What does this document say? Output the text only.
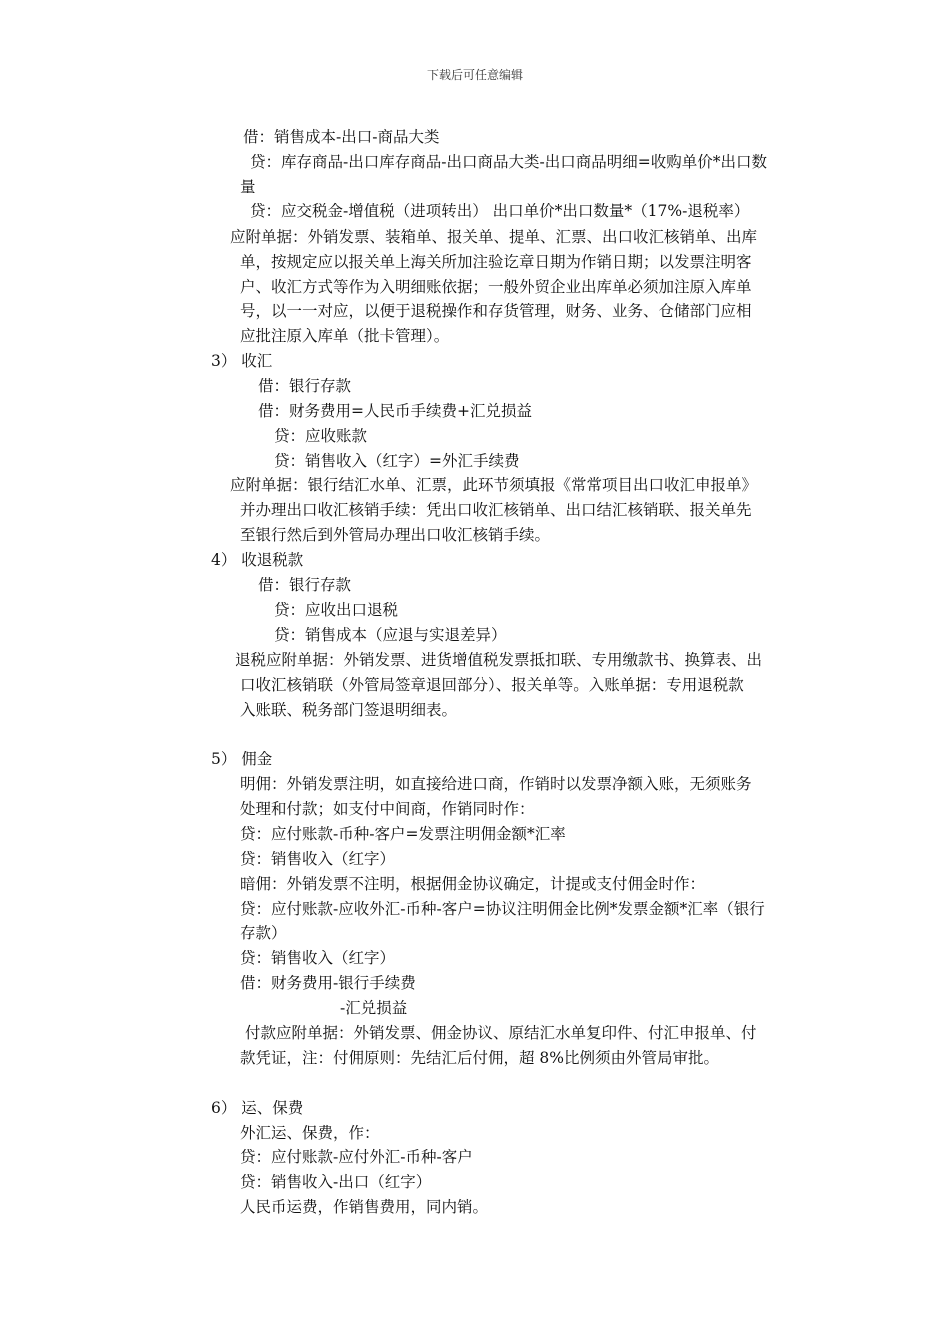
下载后可任意编辑
借：销售成本-出口-商品大类
贷：库存商品-出口库存商品-出口商品大类-出口商品明细=收购单价*出口数
量
贷：应交税金-增值税（进项转出） 出口单价*出口数量*（17%-退税率）
应附单据：外销发票、装箱单、报关单、提单、汇票、出口收汇核销单、出库
单，按规定应以报关单上海关所加注验讫章日期为作销日期；以发票注明客
户、收汇方式等作为入明细账依据；一般外贸企业出库单必须加注原入库单
号，以一一对应，以便于退税操作和存货管理，财务、业务、仓储部门应相
应批注原入库单（批卡管理）。
3） 收汇
借：银行存款
借：财务费用=人民币手续费+汇兑损益
贷：应收账款
贷：销售收入（红字）=外汇手续费
应附单据：银行结汇水单、汇票，此环节须填报《常常项目出口收汇申报单》
并办理出口收汇核销手续：凭出口收汇核销单、出口结汇核销联、报关单先
至银行然后到外管局办理出口收汇核销手续。
4） 收退税款
借：银行存款
贷：应收出口退税
贷：销售成本（应退与实退差异）
退税应附单据：外销发票、进货增值税发票抵扣联、专用缴款书、换算表、出
口收汇核销联（外管局签章退回部分）、报关单等。入账单据：专用退税款
入账联、税务部门签退明细表。
5） 佣金
明佣：外销发票注明，如直接给进口商，作销时以发票净额入账，无须账务
处理和付款；如支付中间商，作销同时作：
贷：应付账款-币种-客户=发票注明佣金额*汇率
贷：销售收入（红字）
暗佣：外销发票不注明，根据佣金协议确定，计提或支付佣金时作：
贷：应付账款-应收外汇-币种-客户=协议注明佣金比例*发票金额*汇率（银行
存款）
贷：销售收入（红字）
借：财务费用-银行手续费
-汇兑损益
付款应附单据：外销发票、佣金协议、原结汇水单复印件、付汇申报单、付
款凭证，注：付佣原则：先结汇后付佣，超 8%比例须由外管局审批。
6） 运、保费
外汇运、保费，作：
贷：应付账款-应付外汇-币种-客户
贷：销售收入-出口（红字）
人民币运费，作销售费用，同内销。
